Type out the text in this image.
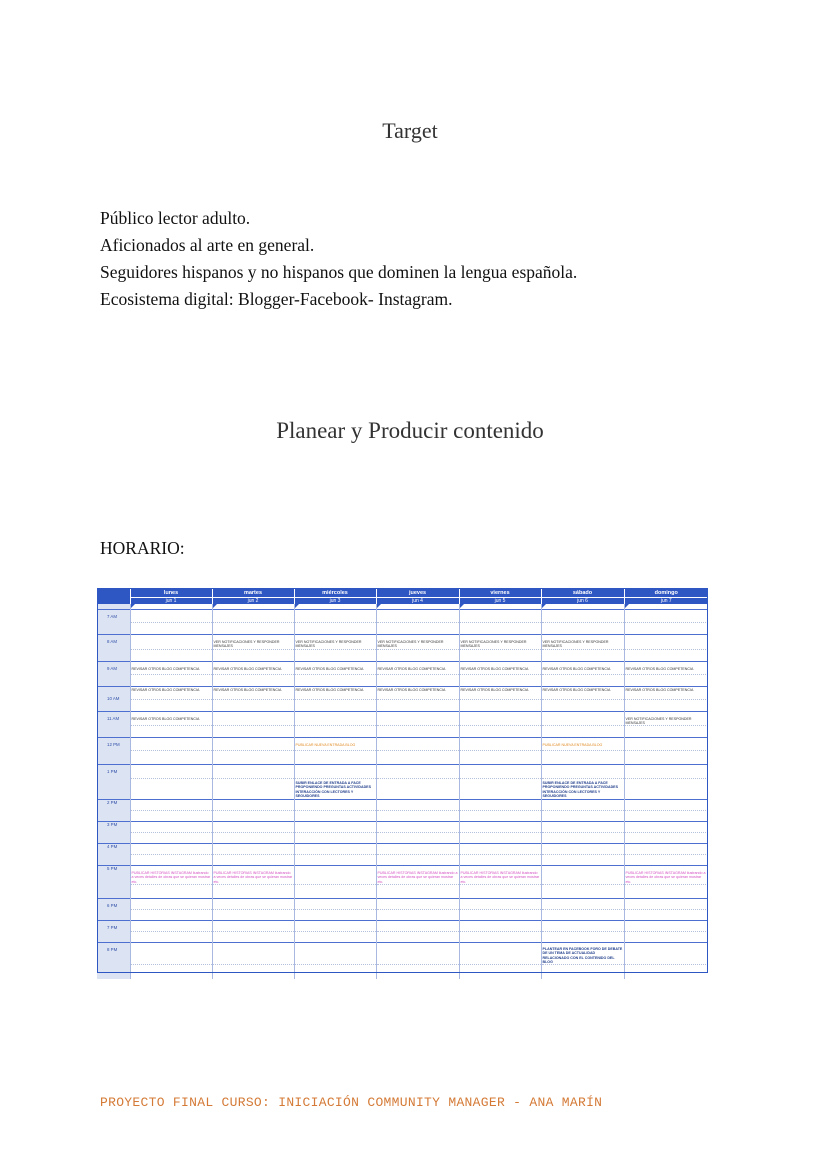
Target
Público lector adulto.
Aficionados al arte en general.
Seguidores hispanos y no hispanos que dominen la lengua española.
Ecosistema digital: Blogger-Facebook- Instagram.
Planear y Producir contenido
HORARIO:
	lunes	martes	miércoles	jueves	viernes	sábado	domingo
	jun 1	jun 2	jun 3	jun 4	jun 5	jun 6	jun 7

7 AM							

8 AM		VER NOTIFICACIONES Y RESPONDER MENSAJES	VER NOTIFICACIONES Y RESPONDER MENSAJES	VER NOTIFICACIONES Y RESPONDER MENSAJES	VER NOTIFICACIONES Y RESPONDER MENSAJES	VER NOTIFICACIONES Y RESPONDER MENSAJES	

9 AM	REVISAR OTROS BLOG COMPETENCIA	REVISAR OTROS BLOG COMPETENCIA	REVISAR OTROS BLOG COMPETENCIA	REVISAR OTROS BLOG COMPETENCIA	REVISAR OTROS BLOG COMPETENCIA	REVISAR OTROS BLOG COMPETENCIA	REVISAR OTROS BLOG COMPETENCIA

10 AM	REVISAR OTROS BLOG COMPETENCIA	REVISAR OTROS BLOG COMPETENCIA	REVISAR OTROS BLOG COMPETENCIA	REVISAR OTROS BLOG COMPETENCIA	REVISAR OTROS BLOG COMPETENCIA	REVISAR OTROS BLOG COMPETENCIA	REVISAR OTROS BLOG COMPETENCIA

11 AM	REVISAR OTROS BLOG COMPETENCIA						VER NOTIFICACIONES Y RESPONDER MENSAJES

12 PM			PUBLICAR NUEVA ENTRADA BLOG			PUBLICAR NUEVA ENTRADA BLOG	

1 PM							

			SUBIR ENLACE DE ENTRADA A FACE PROPONIENDO PREGUNTAS ACTIVIDADES INTERACCIÓN CON LECTORES Y SEGUIDORES			SUBIR ENLACE DE ENTRADA A FACE PROPONIENDO PREGUNTAS ACTIVIDADES INTERACCIÓN CON LECTORES Y SEGUIDORES	

2 PM							

3 PM							

4 PM							

5 PM	PUBLICAR HISTORIAS INSTAGRAM ilustrando a veces detalles de obras que se quieran mostrar etc.	PUBLICAR HISTORIAS INSTAGRAM ilustrando a veces detalles de obras que se quieran mostrar etc.		PUBLICAR HISTORIAS INSTAGRAM ilustrando a veces detalles de obras que se quieran mostrar etc.	PUBLICAR HISTORIAS INSTAGRAM ilustrando a veces detalles de obras que se quieran mostrar etc.		PUBLICAR HISTORIAS INSTAGRAM ilustrando a veces detalles de obras que se quieran mostrar etc.

6 PM							

7 PM							

8 PM						PLANTEAR EN FACEBOOK FORO DE DEBATE DE UN TEMA DE ACTUALIDAD RELACIONADO CON EL CONTENIDO DEL BLOG	

PROYECTO FINAL CURSO: INICIACIÓN COMMUNITY MANAGER - ANA MARÍN
